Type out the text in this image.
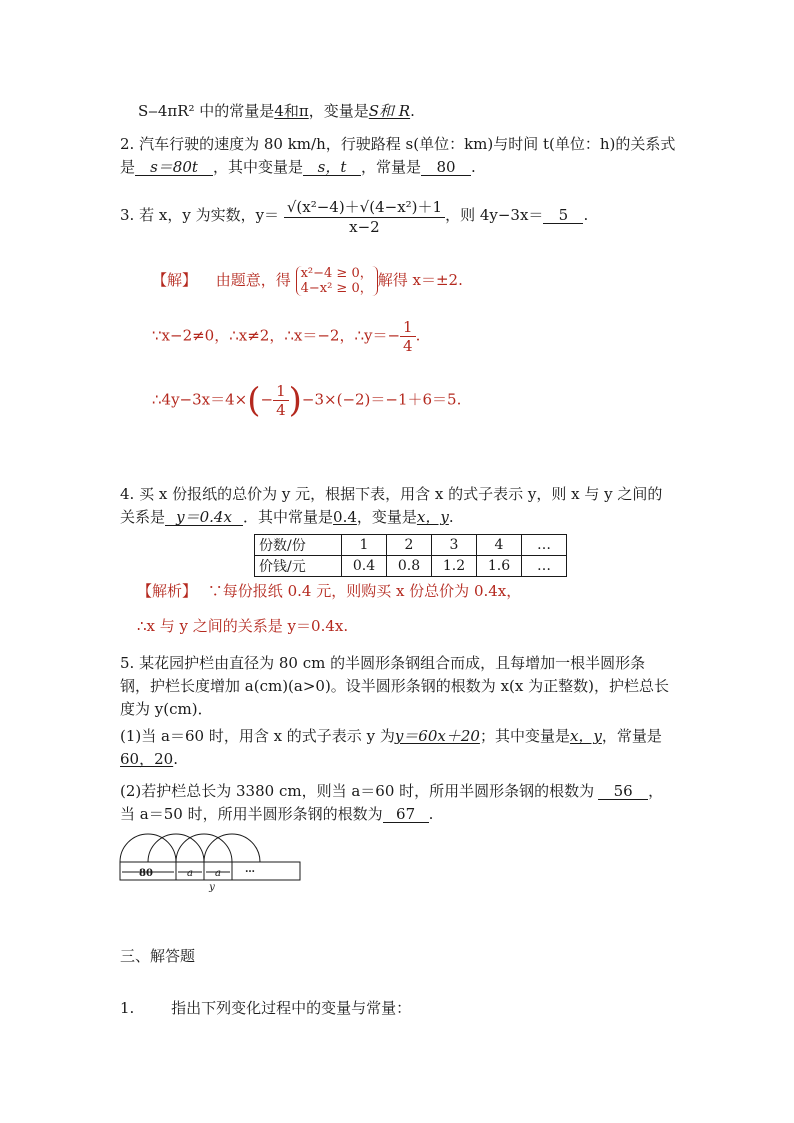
S‒4πR² 中的常量是4和π，变量是S和 R.
2. 汽车行驶的速度为 80 km/h，行驶路程 s(单位：km)与时间 t(单位：h)的关系式
是 s＝80t ，其中变量是 s，t ，常量是 80 .
3. 若 x，y 为实数，$y= \frac{\text{√(x²−4)＋√(4−x²)＋1}}{x-2}$ ，则 4y−3x＝ 5 .
【解】 由题意，得 x²−4 ≥ 0，
4−x² ≥ 0， 解得 x＝±2.
∵x−2≠0，∴x≠2，∴x＝−2，∴y＝− $\frac{1}{4}$ .
∴4y−3x＝4×(− $\frac{1}{4} )-3\times(-2)=-1+6=5$.
4. 买 x 份报纸的总价为 y 元，根据下表，用含 x 的式子表示 y，则 x 与 y 之间的
关系是 y＝0.4x ．其中常量是0.4，变量是x，y.
份数/份	1	2	3	4	…
价钱/元	0.4	0.8	1.2	1.6	…
【解析】 ∵每份报纸 0.4 元，则购买 x 份总价为 0.4x，
∴x 与 y 之间的关系是 y＝0.4x.
5. 某花园护栏由直径为 80 cm 的半圆形条钢组合而成，且每增加一根半圆形条
钢，护栏长度增加 a(cm)(a>0)。设半圆形条钢的根数为 x(x 为正整数)，护栏总长
度为 y(cm)．
(1)当 a＝60 时，用含 x 的式子表示 y 为y＝60x＋20；其中变量是x，y，常量是
60，20.
(2)若护栏总长为 3380 cm，则当 a＝60 时，所用半圆形条钢的根数为 56 ，
当 a＝50 时，所用半圆形条钢的根数为 67 .
80	a a …
y
三、解答题
1. 指出下列变化过程中的变量与常量：
